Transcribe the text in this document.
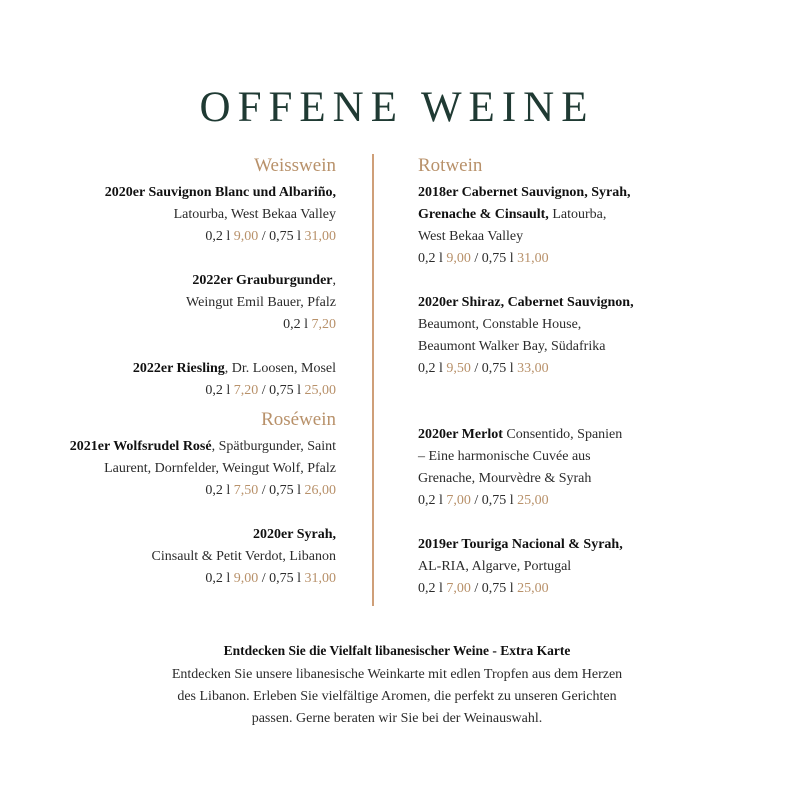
OFFENE WEINE
Weisswein
2020er Sauvignon Blanc und Albariño,
Latourba, West Bekaa Valley

0,2 l 9,00 / 0,75 l 31,00
2022er Grauburgunder,
Weingut Emil Bauer, Pfalz

0,2 l 7,20
2022er Riesling, Dr. Loosen, Mosel

0,2 l 7,20 / 0,75 l 25,00
Roséwein
2021er Wolfsrudel Rosé, Spätburgunder, Saint
Laurent, Dornfelder, Weingut Wolf, Pfalz

0,2 l 7,50 / 0,75 l 26,00
2020er Syrah,
Cinsault & Petit Verdot, Libanon

0,2 l 9,00 / 0,75 l 31,00
Rotwein
2018er Cabernet Sauvignon, Syrah,
Grenache & Cinsault, Latourba,
West Bekaa Valley

0,2 l 9,00 / 0,75 l 31,00
2020er Shiraz, Cabernet Sauvignon,
Beaumont, Constable House,
Beaumont Walker Bay, Südafrika

0,2 l 9,50 / 0,75 l 33,00
2020er Merlot Consentido, Spanien
– Eine harmonische Cuvée aus
Grenache, Mourvèdre & Syrah

0,2 l 7,00 / 0,75 l 25,00
2019er Touriga Nacional & Syrah,
AL-RIA, Algarve, Portugal

0,2 l 7,00 / 0,75 l 25,00
Entdecken Sie die Vielfalt libanesischer Weine - Extra Karte
Entdecken Sie unsere libanesische Weinkarte mit edlen Tropfen aus dem Herzen
des Libanon. Erleben Sie vielfältige Aromen, die perfekt zu unseren Gerichten
passen. Gerne beraten wir Sie bei der Weinauswahl.
